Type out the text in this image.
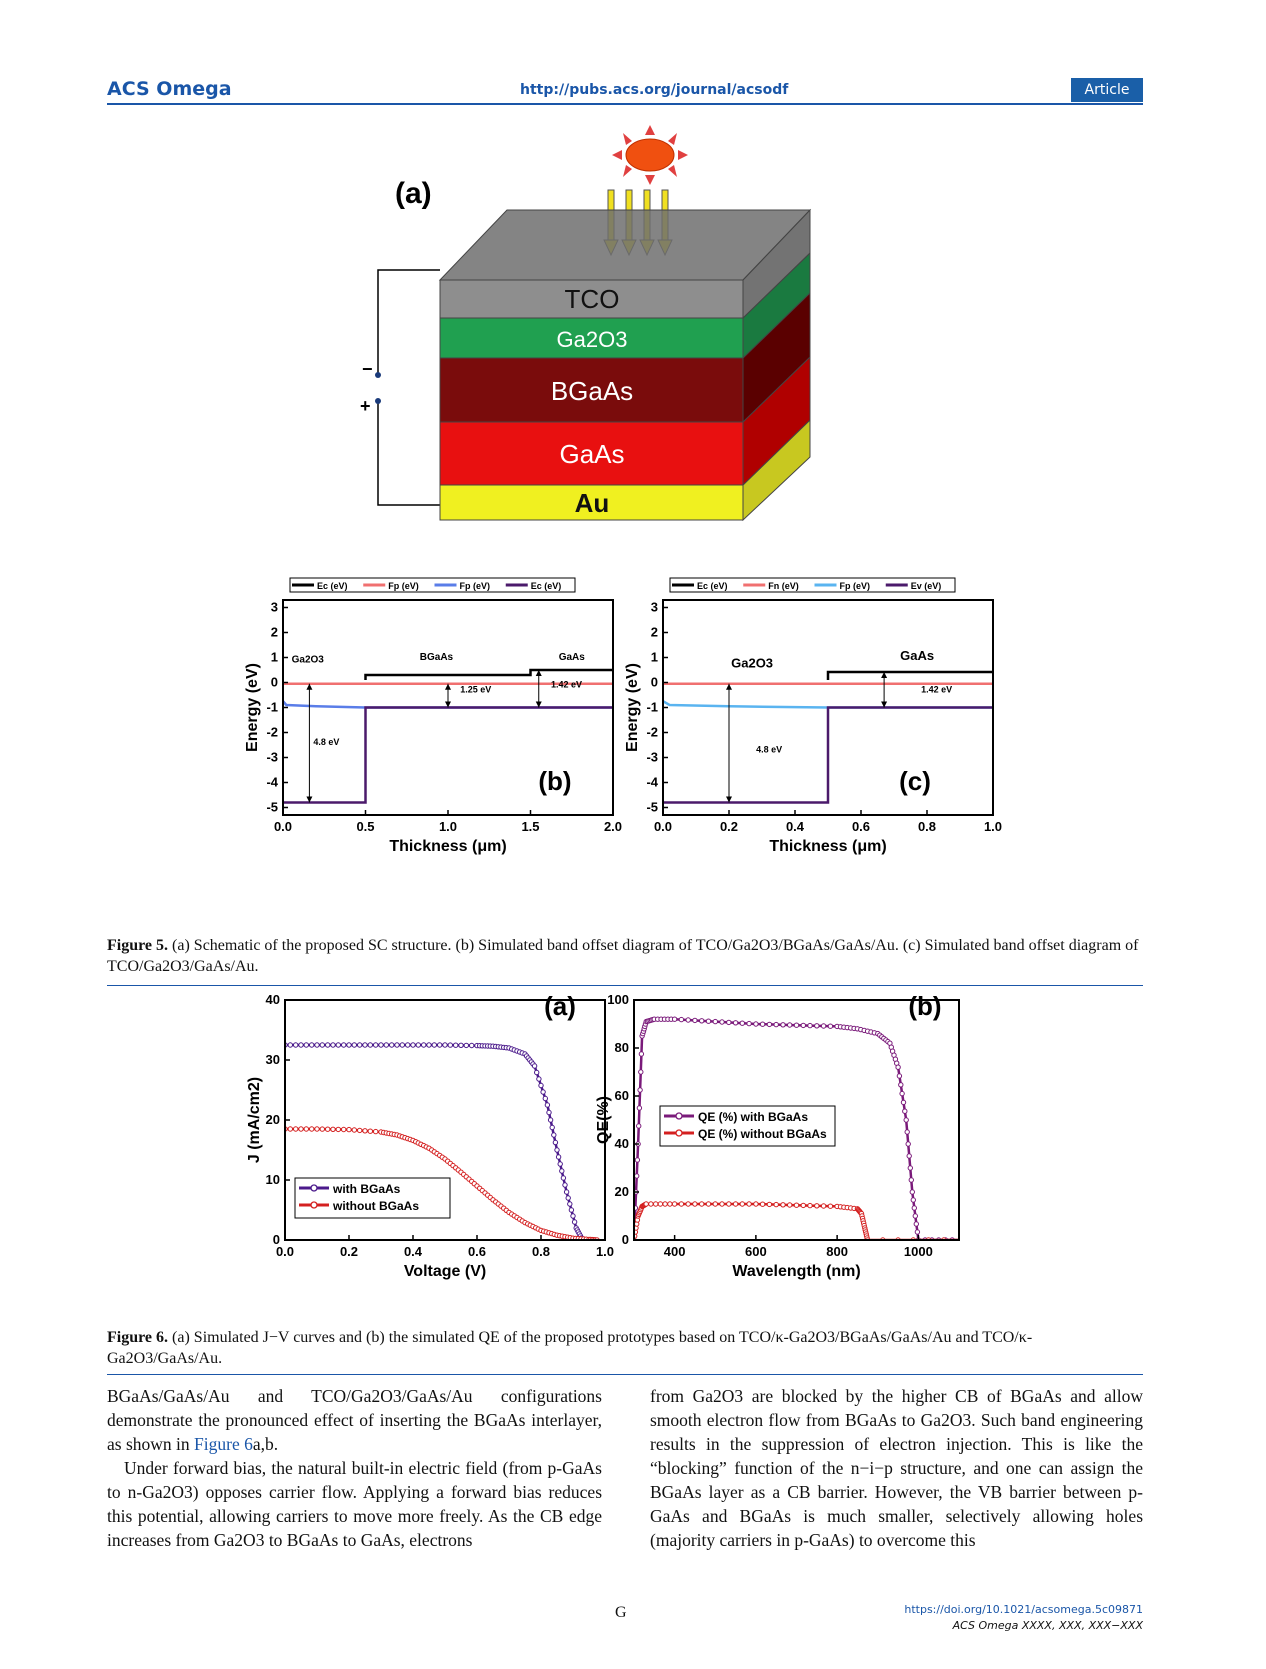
ACS Omega	http://pubs.acs.org/journal/acsodf	Article
(a)
−
+
TCO
Ga2O3
BGaAs
GaAs
Au
0.0	0.5	1.0	1.5	2.0
3
2
1
0
-1
-2
-3
-4
-5
Thickness (μm)
Energy (eV)
(b)
Ec (eV)	Fp (eV)	Fp (eV)	Ec (eV)
Ga2O3	BGaAs	GaAs
4.8 eV
1.25 eV	1.42 eV
0.0	0.2	0.4	0.6	0.8	1.0
3
2
1
0
-1
-2
-3
-4
-5
Thickness (μm)
Energy (eV)
(c)
Ec (eV)	Fn (eV)	Fp (eV)	Ev (eV)
Ga2O3	GaAs
4.8 eV
1.42 eV
Figure 5. (a) Schematic of the proposed SC structure. (b) Simulated band offset diagram of TCO/Ga2O3/BGaAs/GaAs/Au. (c) Simulated band offset diagram of TCO/Ga2O3/GaAs/Au.
0.0	0.2	0.4	0.6	0.8	1.0
40
30
20
10
0
Voltage (V)
J (mA/cm2)
(a)
with BGaAs
without BGaAs
400	600	800	1000
100
80
60
40
20
0
Wavelength (nm)
QE(%)
(b)
QE (%) with BGaAs
QE (%) without BGaAs
Figure 6. (a) Simulated J−V curves and (b) the simulated QE of the proposed prototypes based on TCO/κ-Ga2O3/BGaAs/GaAs/Au and TCO/κ-Ga2O3/GaAs/Au.
BGaAs/GaAs/Au and TCO/Ga2O3/GaAs/Au configurations demonstrate the pronounced effect of inserting the BGaAs interlayer, as shown in Figure 6a,b.
Under forward bias, the natural built-in electric field (from p-GaAs to n-Ga2O3) opposes carrier flow. Applying a forward bias reduces this potential, allowing carriers to move more freely. As the CB edge increases from Ga2O3 to BGaAs to GaAs, electrons
from Ga2O3 are blocked by the higher CB of BGaAs and allow smooth electron flow from BGaAs to Ga2O3. Such band engineering results in the suppression of electron injection. This is like the “blocking” function of the n−i−p structure, and one can assign the BGaAs layer as a CB barrier. However, the VB barrier between p-GaAs and BGaAs is much smaller, selectively allowing holes (majority carriers in p-GaAs) to overcome this
G	https://doi.org/10.1021/acsomega.5c09871
ACS Omega XXXX, XXX, XXX−XXX
